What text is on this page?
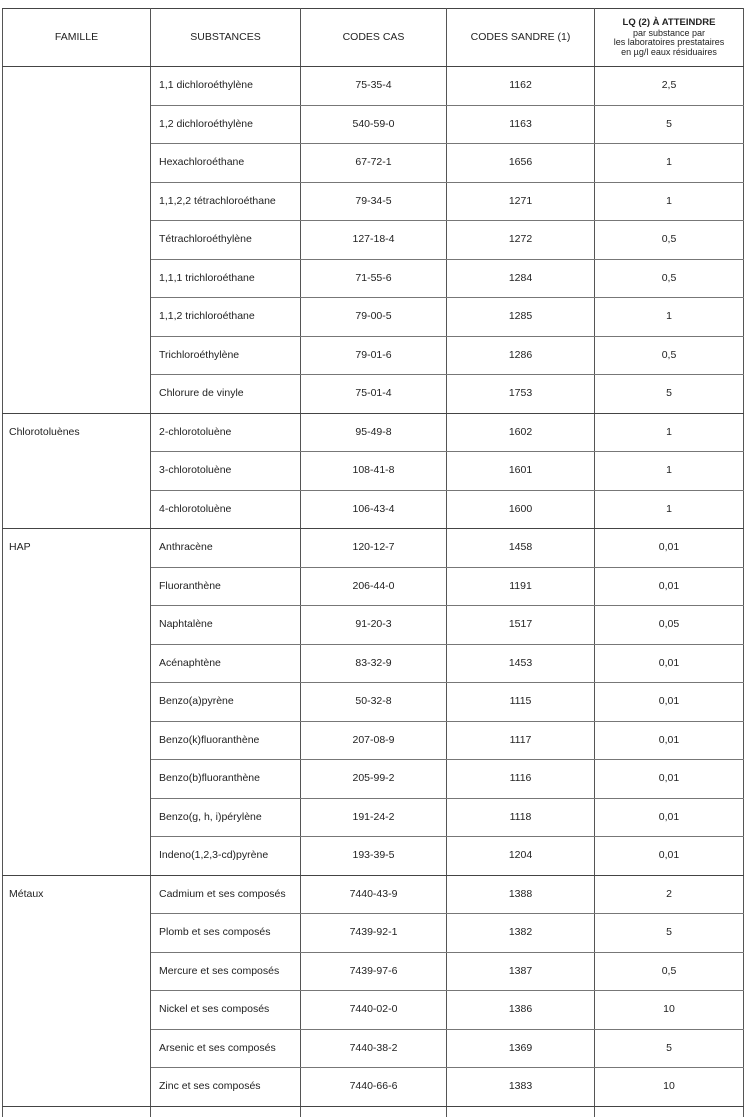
FAMILLE	SUBSTANCES	CODES CAS	CODES SANDRE (1)	LQ (2) À ATTEINDRE
par substance par
les laboratoires prestataires
en µg/l eaux résiduaires

	1,1 dichloroéthylène	75-35-4	1162	2,5
	1,2 dichloroéthylène	540-59-0	1163	5
	Hexachloroéthane	67-72-1	1656	1
	1,1,2,2 tétrachloroéthane	79-34-5	1271	1
	Tétrachloroéthylène	127-18-4	1272	0,5
	1,1,1 trichloroéthane	71-55-6	1284	0,5
	1,1,2 trichloroéthane	79-00-5	1285	1
	Trichloroéthylène	79-01-6	1286	0,5
	Chlorure de vinyle	75-01-4	1753	5
Chlorotoluènes	2-chlorotoluène	95-49-8	1602	1
	3-chlorotoluène	108-41-8	1601	1
	4-chlorotoluène	106-43-4	1600	1
HAP	Anthracène	120-12-7	1458	0,01
	Fluoranthène	206-44-0	1191	0,01
	Naphtalène	91-20-3	1517	0,05
	Acénaphtène	83-32-9	1453	0,01
	Benzo(a)pyrène	50-32-8	1115	0,01
	Benzo(k)fluoranthène	207-08-9	1117	0,01
	Benzo(b)fluoranthène	205-99-2	1116	0,01
	Benzo(g, h, i)pérylène	191-24-2	1118	0,01
	Indeno(1,2,3-cd)pyrène	193-39-5	1204	0,01
Métaux	Cadmium et ses composés	7440-43-9	1388	2
	Plomb et ses composés	7439-92-1	1382	5
	Mercure et ses composés	7439-97-6	1387	0,5
	Nickel et ses composés	7440-02-0	1386	10
	Arsenic et ses composés	7440-38-2	1369	5
	Zinc et ses composés	7440-66-6	1383	10
